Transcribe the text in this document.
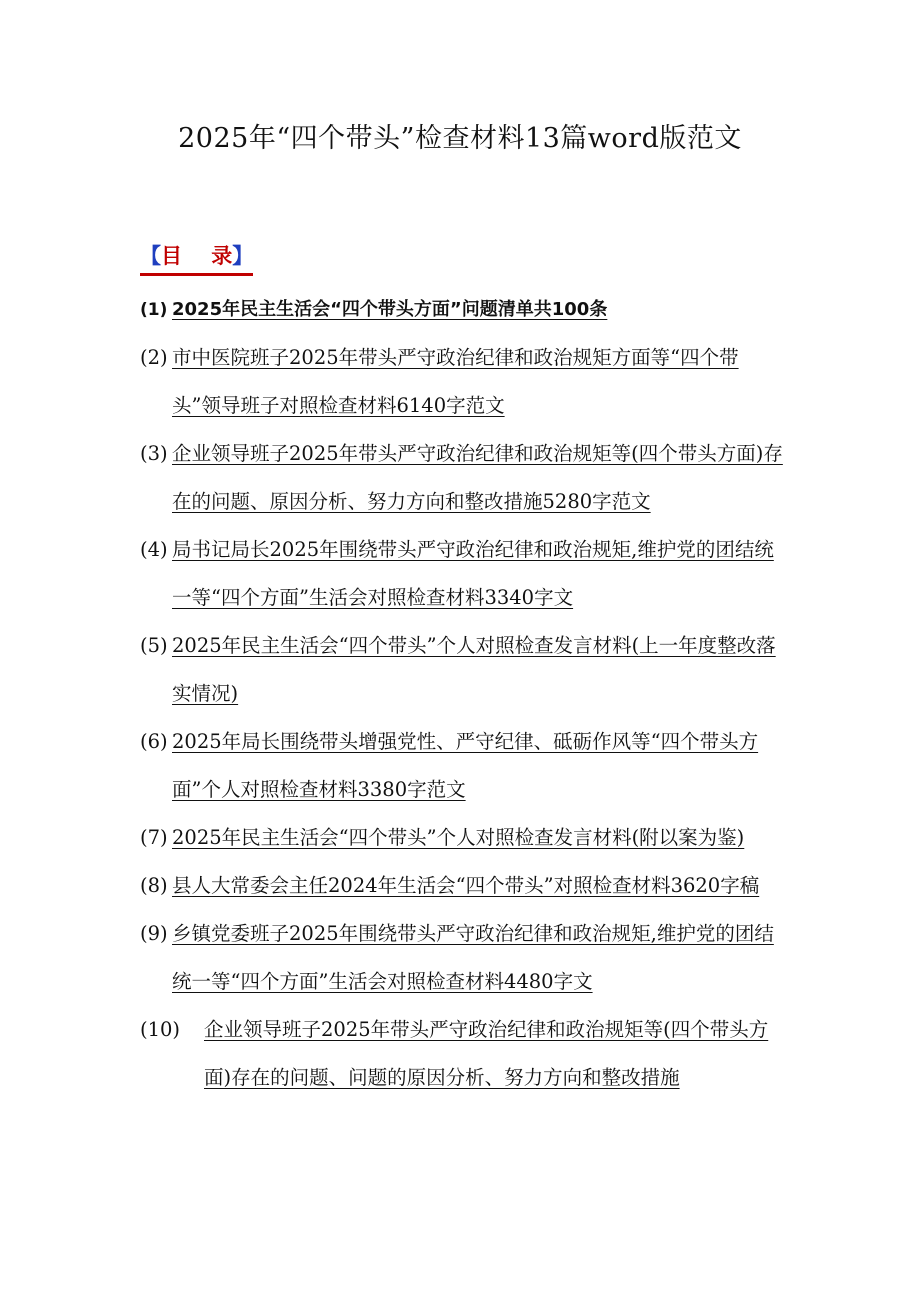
2025年“四个带头”检查材料13篇word版范文
【目    录】
(1) 2025年民主生活会“四个带头方面”问题清单共100条
(2) 市中医院班子2025年带头严守政治纪律和政治规矩方面等“四个带头”领导班子对照检查材料6140字范文
(3) 企业领导班子2025年带头严守政治纪律和政治规矩等(四个带头方面)存在的问题、原因分析、努力方向和整改措施5280字范文
(4) 局书记局长2025年围绕带头严守政治纪律和政治规矩,维护党的团结统一等“四个方面”生活会对照检查材料3340字文
(5) 2025年民主生活会“四个带头”个人对照检查发言材料(上一年度整改落实情况)
(6) 2025年局长围绕带头增强党性、严守纪律、砥砺作风等“四个带头方面”个人对照检查材料3380字范文
(7) 2025年民主生活会“四个带头”个人对照检查发言材料(附以案为鉴)
(8) 县人大常委会主任2024年生活会“四个带头”对照检查材料3620字稿
(9) 乡镇党委班子2025年围绕带头严守政治纪律和政治规矩,维护党的团结统一等“四个方面”生活会对照检查材料4480字文
(10)	企业领导班子2025年带头严守政治纪律和政治规矩等(四个带头方面)存在的问题、问题的原因分析、努力方向和整改措施
